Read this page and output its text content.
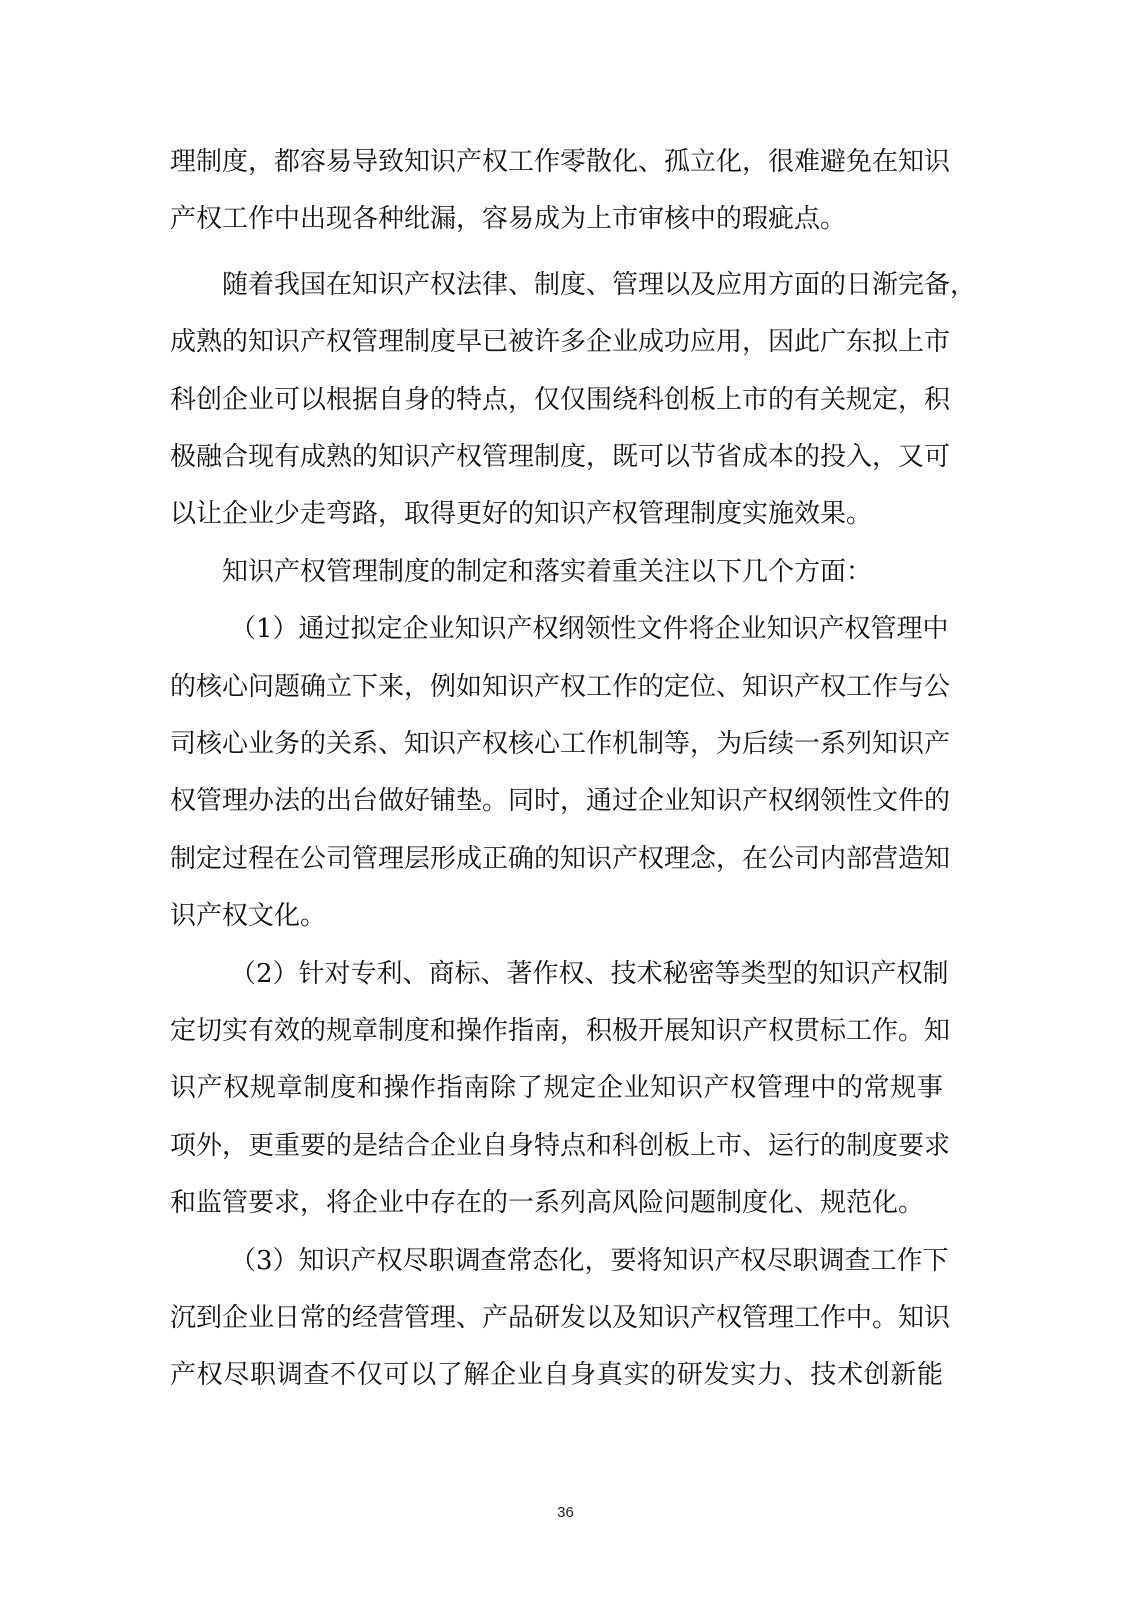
理制度，都容易导致知识产权工作零散化、孤立化，很难避免在知识
产权工作中出现各种纰漏，容易成为上市审核中的瑕疵点。
随着我国在知识产权法律、制度、管理以及应用方面的日渐完备，
成熟的知识产权管理制度早已被许多企业成功应用，因此广东拟上市
科创企业可以根据自身的特点，仅仅围绕科创板上市的有关规定，积
极融合现有成熟的知识产权管理制度，既可以节省成本的投入，又可
以让企业少走弯路，取得更好的知识产权管理制度实施效果。
知识产权管理制度的制定和落实着重关注以下几个方面：
（1）通过拟定企业知识产权纲领性文件将企业知识产权管理中
的核心问题确立下来，例如知识产权工作的定位、知识产权工作与公
司核心业务的关系、知识产权核心工作机制等，为后续一系列知识产
权管理办法的出台做好铺垫。同时，通过企业知识产权纲领性文件的
制定过程在公司管理层形成正确的知识产权理念，在公司内部营造知
识产权文化。
（2）针对专利、商标、著作权、技术秘密等类型的知识产权制
定切实有效的规章制度和操作指南，积极开展知识产权贯标工作。知
识产权规章制度和操作指南除了规定企业知识产权管理中的常规事
项外，更重要的是结合企业自身特点和科创板上市、运行的制度要求
和监管要求，将企业中存在的一系列高风险问题制度化、规范化。
（3）知识产权尽职调查常态化，要将知识产权尽职调查工作下
沉到企业日常的经营管理、产品研发以及知识产权管理工作中。知识
产权尽职调查不仅可以了解企业自身真实的研发实力、技术创新能
36
